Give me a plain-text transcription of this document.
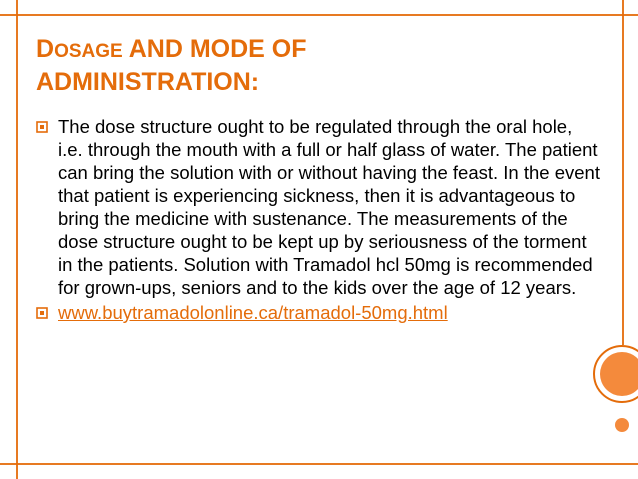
DOSAGE AND MODE OF
ADMINISTRATION:
The dose structure ought to be regulated through the oral hole, i.e. through the mouth with a full or half glass of water. The patient can bring the solution with or without having the feast. In the event that patient is experiencing sickness, then it is advantageous to bring the medicine with sustenance. The measurements of the dose structure ought to be kept up by seriousness of the torment in the patients. Solution with Tramadol hcl 50mg is recommended for grown-ups, seniors and to the kids over the age of 12 years.
www.buytramadolonline.ca/tramadol-50mg.html
